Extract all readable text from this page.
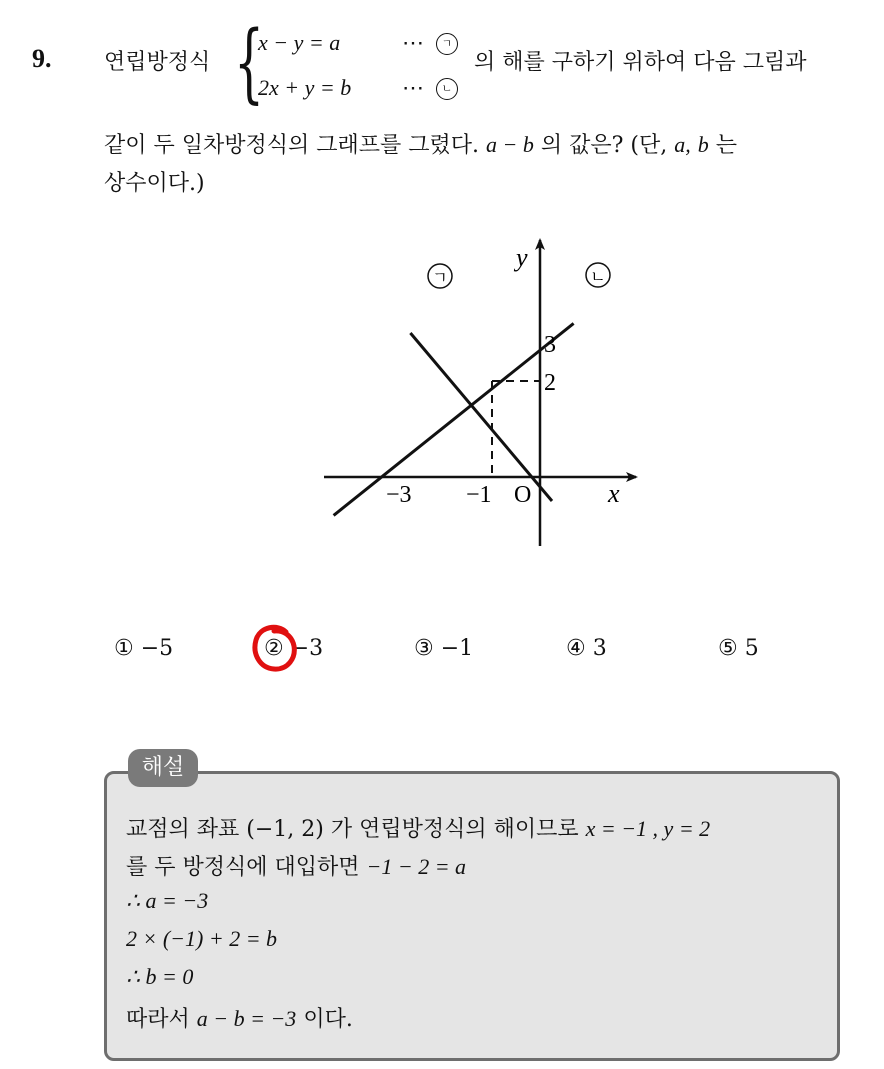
9. 연립방정식 {
x − y = a	⋯	ㄱ
2x + y = b ⋯	ㄴ
의 해를 구하기 위하여 다음 그림과
같이 두 일차방정식의 그래프를 그렸다. a − b 의 값은? (단, a, b 는
상수이다.)
y
x
O
3
2
−3 −1
ㄱ	ㄴ
① −5	② −3	③ −1	④ 3	⑤ 5
해설
교점의 좌표 (−1, 2) 가 연립방정식의 해이므로 x = −1 , y = 2
를 두 방정식에 대입하면 −1 − 2 = a
∴ a = −3
2 × (−1) + 2 = b
∴ b = 0
따라서 a − b = −3 이다.
